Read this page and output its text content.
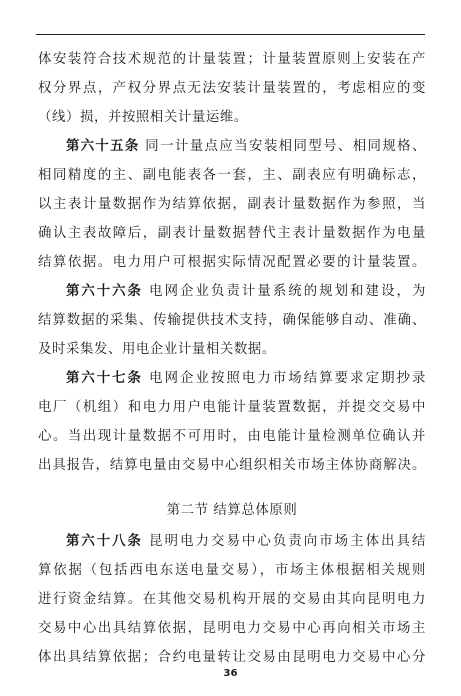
体安装符合技术规范的计量装置；计量装置原则上安装在产
权分界点，产权分界点无法安装计量装置的，考虑相应的变
（线）损，并按照相关计量运维。
第六十五条 同一计量点应当安装相同型号、相同规格、
相同精度的主、副电能表各一套，主、副表应有明确标志，
以主表计量数据作为结算依据，副表计量数据作为参照，当
确认主表故障后，副表计量数据替代主表计量数据作为电量
结算依据。电力用户可根据实际情况配置必要的计量装置。
第六十六条 电网企业负责计量系统的规划和建设，为
结算数据的采集、传输提供技术支持，确保能够自动、准确、
及时采集发、用电企业计量相关数据。
第六十七条 电网企业按照电力市场结算要求定期抄录
电厂（机组）和电力用户电能计量装置数据，并提交交易中
心。当出现计量数据不可用时，由电能计量检测单位确认并
出具报告，结算电量由交易中心组织相关市场主体协商解决。
第二节 结算总体原则
第六十八条 昆明电力交易中心负责向市场主体出具结
算依据（包括西电东送电量交易），市场主体根据相关规则
进行资金结算。在其他交易机构开展的交易由其向昆明电力
交易中心出具结算依据，昆明电力交易中心再向相关市场主
体出具结算依据；合约电量转让交易由昆明电力交易中心分
36
